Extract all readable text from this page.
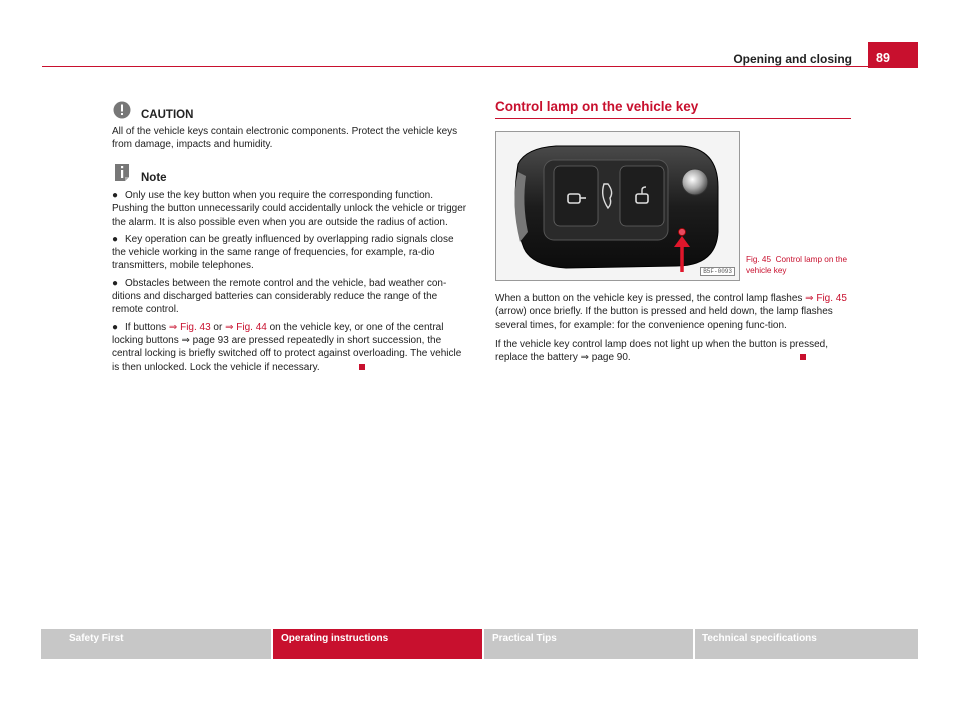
Opening and closing	89
CAUTION
All of the vehicle keys contain electronic components. Protect the vehicle keys from damage, impacts and humidity.
Note

● Only use the key button when you require the corresponding function. Pushing the button unnecessarily could accidentally unlock the vehicle or trigger the alarm. It is also possible even when you are outside the radius of action.

● Key operation can be greatly influenced by overlapping radio signals close the vehicle working in the same range of frequencies, for example, ra-dio transmitters, mobile telephones.

● Obstacles between the remote control and the vehicle, bad weather con-ditions and discharged batteries can considerably reduce the range of the remote control.

● If buttons ⇒ Fig. 43 or ⇒ Fig. 44 on the vehicle key, or one of the central locking buttons ⇒ page 93 are pressed repeatedly in short succession, the central locking is briefly switched off to protect against overloading. The vehicle is then unlocked. Lock the vehicle if necessary.

Control lamp on the vehicle key
B5F-0093
Fig. 45 Control lamp on the vehicle key

When a button on the vehicle key is pressed, the control lamp flashes ⇒ Fig. 45 (arrow) once briefly. If the button is pressed and held down, the lamp flashes several times, for example: for the convenience opening func-tion.

If the vehicle key control lamp does not light up when the button is pressed, replace the battery ⇒ page 90.

Safety First	Operating instructions	Practical Tips	Technical specifications
